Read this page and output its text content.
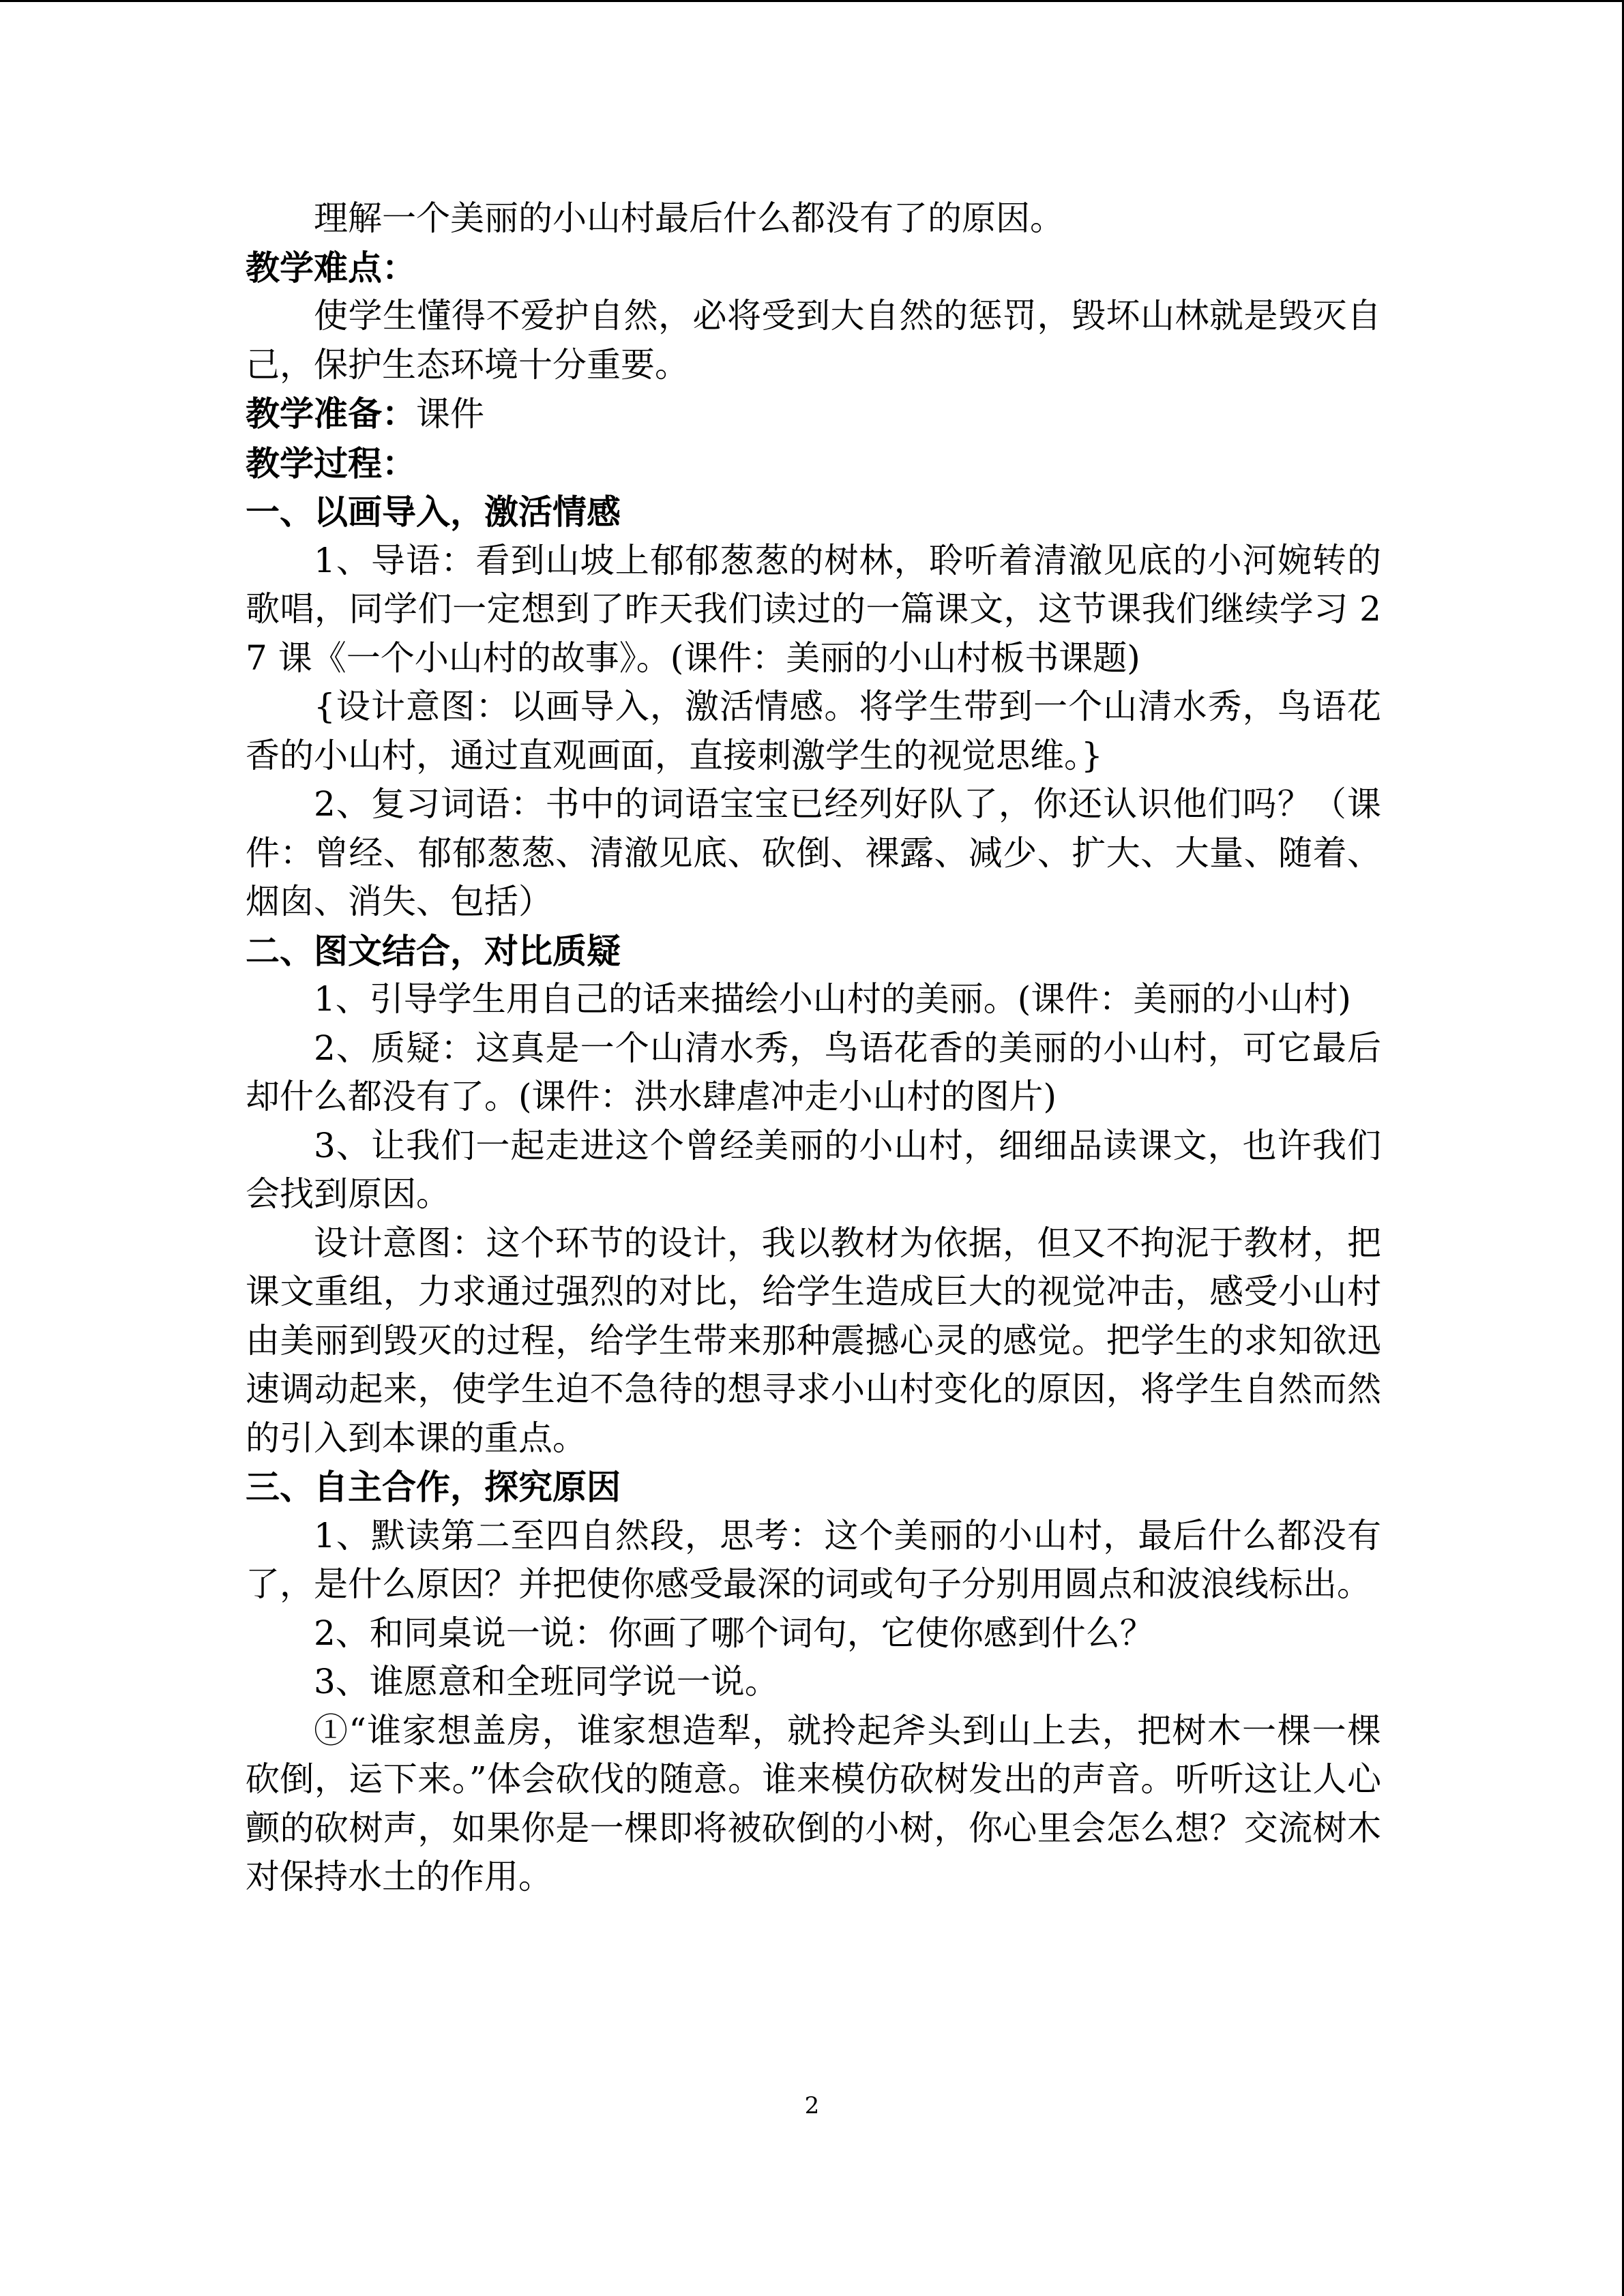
理解一个美丽的小山村最后什么都没有了的原因。

教学难点：

使学生懂得不爱护自然，必将受到大自然的惩罚，毁坏山林就是毁灭自己，保护生态环境十分重要。

教学准备：课件

教学过程：

一、以画导入，激活情感

1、导语：看到山坡上郁郁葱葱的树林，聆听着清澈见底的小河婉转的歌唱，同学们一定想到了昨天我们读过的一篇课文，这节课我们继续学习 27 课《一个小山村的故事》。(课件：美丽的小山村板书课题)

{设计意图：以画导入，激活情感。将学生带到一个山清水秀，鸟语花香的小山村，通过直观画面，直接刺激学生的视觉思维。}

2、复习词语：书中的词语宝宝已经列好队了，你还认识他们吗？（课件：曾经、郁郁葱葱、清澈见底、砍倒、裸露、减少、扩大、大量、随着、烟囱、消失、包括）

二、图文结合，对比质疑

1、引导学生用自己的话来描绘小山村的美丽。(课件：美丽的小山村)

2、质疑：这真是一个山清水秀，鸟语花香的美丽的小山村，可它最后却什么都没有了。(课件：洪水肆虐冲走小山村的图片)

3、让我们一起走进这个曾经美丽的小山村，细细品读课文，也许我们会找到原因。

设计意图：这个环节的设计，我以教材为依据，但又不拘泥于教材，把课文重组，力求通过强烈的对比，给学生造成巨大的视觉冲击，感受小山村由美丽到毁灭的过程，给学生带来那种震撼心灵的感觉。把学生的求知欲迅速调动起来，使学生迫不急待的想寻求小山村变化的原因，将学生自然而然的引入到本课的重点。

三、自主合作，探究原因

1、默读第二至四自然段，思考：这个美丽的小山村，最后什么都没有了，是什么原因？并把使你感受最深的词或句子分别用圆点和波浪线标出。

2、和同桌说一说：你画了哪个词句，它使你感到什么？

3、谁愿意和全班同学说一说。

①“谁家想盖房，谁家想造犁，就拎起斧头到山上去，把树木一棵一棵砍倒，运下来。”体会砍伐的随意。谁来模仿砍树发出的声音。听听这让人心颤的砍树声，如果你是一棵即将被砍倒的小树，你心里会怎么想？交流树木对保持水土的作用。

2
